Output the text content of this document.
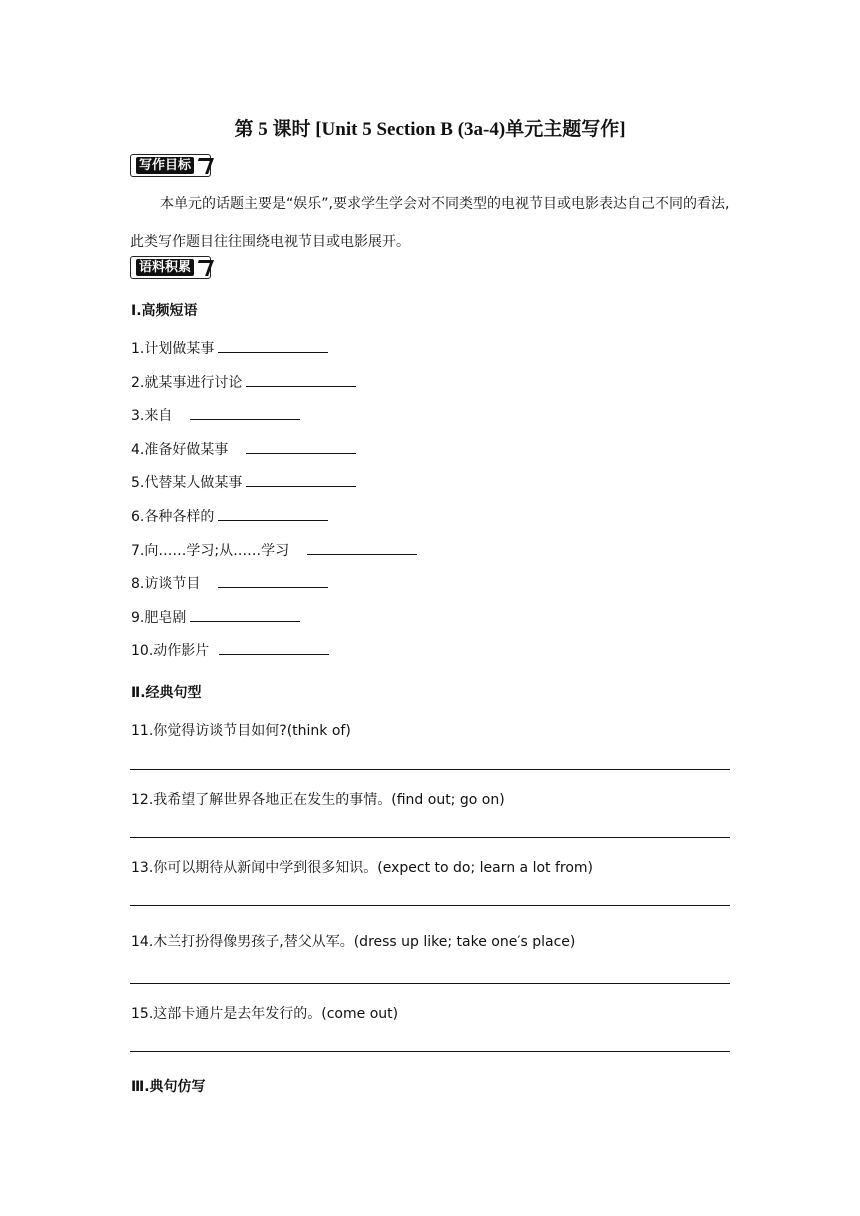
第 5 课时 [Unit 5 Section B (3a-4)单元主题写作]
写作目标
本单元的话题主要是“娱乐”,要求学生学会对不同类型的电视节目或电影表达自己不同的看法,此类写作题目往往围绕电视节目或电影展开。
语料积累
Ⅰ.高频短语
1.计划做某事
2.就某事进行讨论
3.来自
4.准备好做某事
5.代替某人做某事
6.各种各样的
7.向……学习;从……学习
8.访谈节目
9.肥皂剧
10.动作影片
Ⅱ.经典句型
11.你觉得访谈节目如何?(think of)
12.我希望了解世界各地正在发生的事情。(find out; go on)
13.你可以期待从新闻中学到很多知识。(expect to do; learn a lot from)
14.木兰打扮得像男孩子,替父从军。(dress up like; take one′s place)
15.这部卡通片是去年发行的。(come out)
Ⅲ.典句仿写
